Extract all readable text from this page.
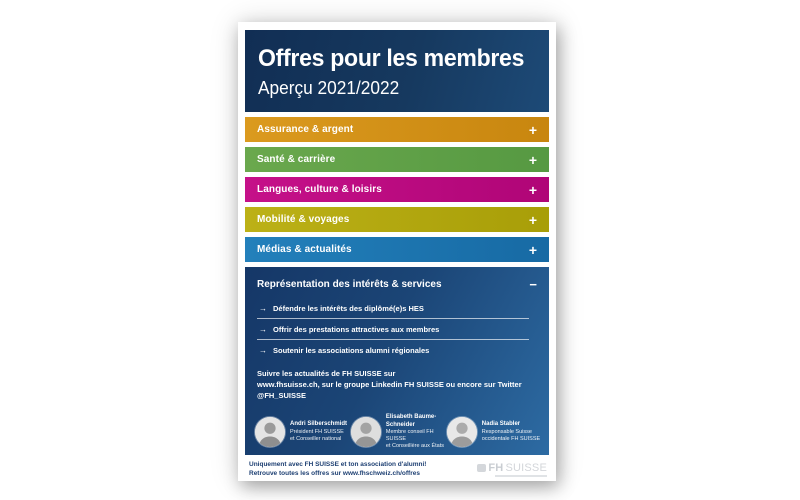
Offres pour les membres
Aperçu 2021/2022
Assurance & argent	+
Santé & carrière	+
Langues, culture & loisirs	+
Mobilité & voyages	+
Médias & actualités	+
Représentation des intérêts & services	−
→ Défendre les intérêts des diplômé(e)s HES
→ Offrir des prestations attractives aux membres
→ Soutenir les associations alumni régionales
Suivre les actualités de FH SUISSE sur
www.fhsuisse.ch, sur le groupe Linkedin FH SUISSE ou encore sur Twitter @FH_SUISSE
Andri Silberschmidt
Président FH SUISSE
et Conseiller national
Elisabeth Baume-Schneider
Membre conseil FH SUISSE
et Conseillère aux États
Nadia Stabler
Responsable Suisse
occidentale FH SUISSE
Uniquement avec FH SUISSE et ton association d'alumni!
Retrouve toutes les offres sur www.fhschweiz.ch/offres	FH SUISSE
